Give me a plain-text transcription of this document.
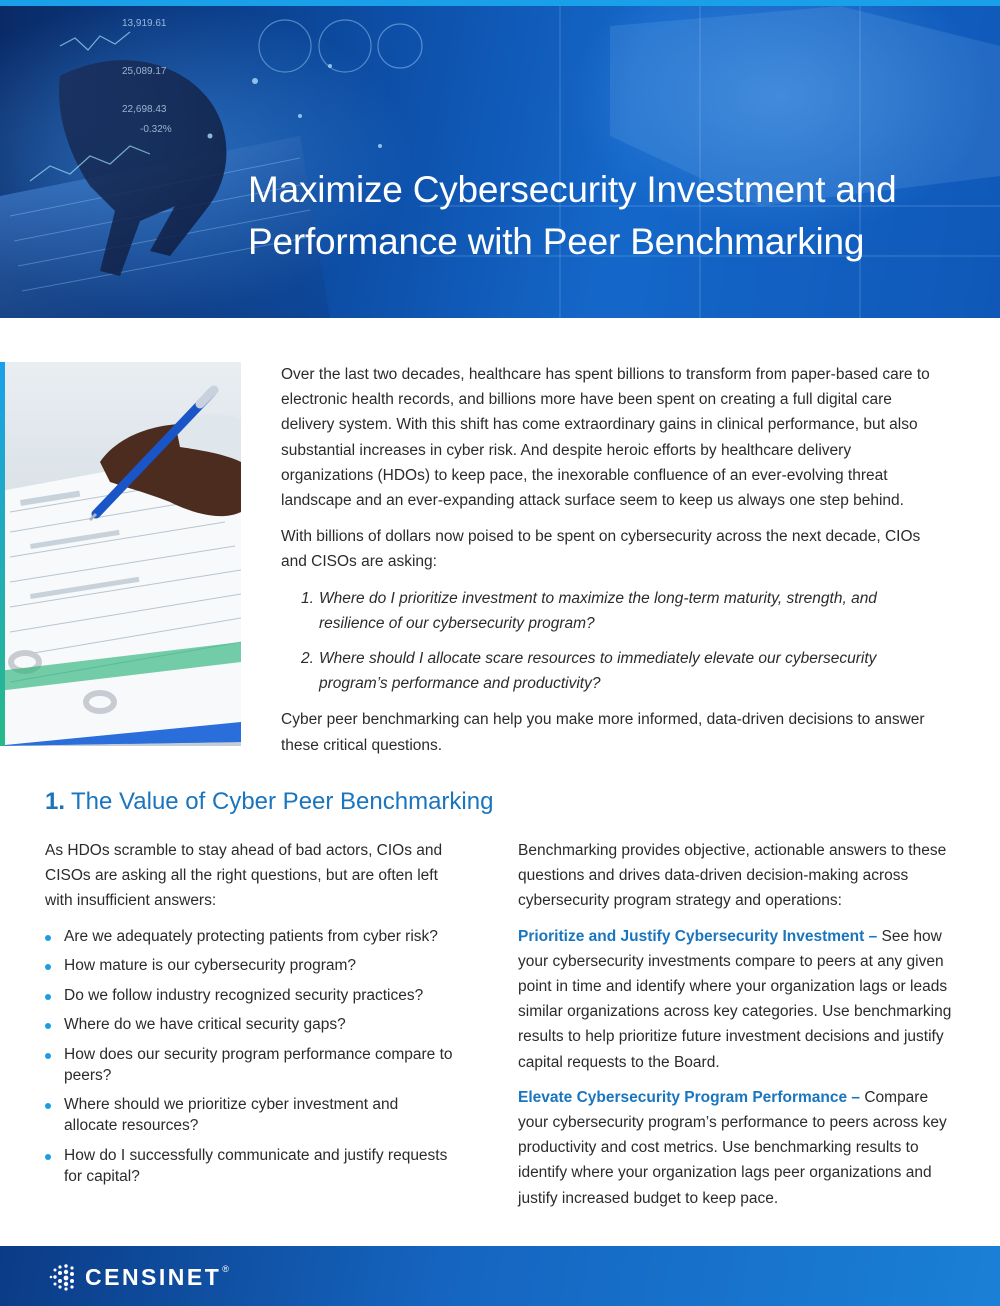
13,919.61
25,089.17
22,698.43
-0.32%
Maximize Cybersecurity Investment and
Performance with Peer Benchmarking

Over the last two decades, healthcare has spent billions to transform from paper-based care to electronic health records, and billions more have been spent on creating a full digital care delivery system. With this shift has come extraordinary gains in clinical performance, but also substantial increases in cyber risk. And despite heroic efforts by healthcare delivery organizations (HDOs) to keep pace, the inexorable confluence of an ever-evolving threat landscape and an ever-expanding attack surface seem to keep us always one step behind.

With billions of dollars now poised to be spent on cybersecurity across the next decade, CIOs and CISOs are asking:

1. Where do I prioritize investment to maximize the long-term maturity, strength, and resilience of our cybersecurity program?
2. Where should I allocate scare resources to immediately elevate our cybersecurity program’s performance and productivity?

Cyber peer benchmarking can help you make more informed, data-driven decisions to answer these critical questions.

1. The Value of Cyber Peer Benchmarking

As HDOs scramble to stay ahead of bad actors, CIOs and CISOs are asking all the right questions, but are often left with insufficient answers:

Are we adequately protecting patients from cyber risk?
How mature is our cybersecurity program?
Do we follow industry recognized security practices?
Where do we have critical security gaps?
How does our security program performance compare to peers?
Where should we prioritize cyber investment and allocate resources?
How do I successfully communicate and justify requests for capital?

Benchmarking provides objective, actionable answers to these questions and drives data-driven decision-making across cybersecurity program strategy and operations:

Prioritize and Justify Cybersecurity Investment – See how your cybersecurity investments compare to peers at any given point in time and identify where your organization lags or leads similar organizations across key categories. Use benchmarking results to help prioritize future investment decisions and justify capital requests to the Board.

Elevate Cybersecurity Program Performance – Compare your cybersecurity program’s performance to peers across key productivity and cost metrics. Use benchmarking results to identify where your organization lags peer organizations and justify increased budget to keep pace.

CENSINET ®
